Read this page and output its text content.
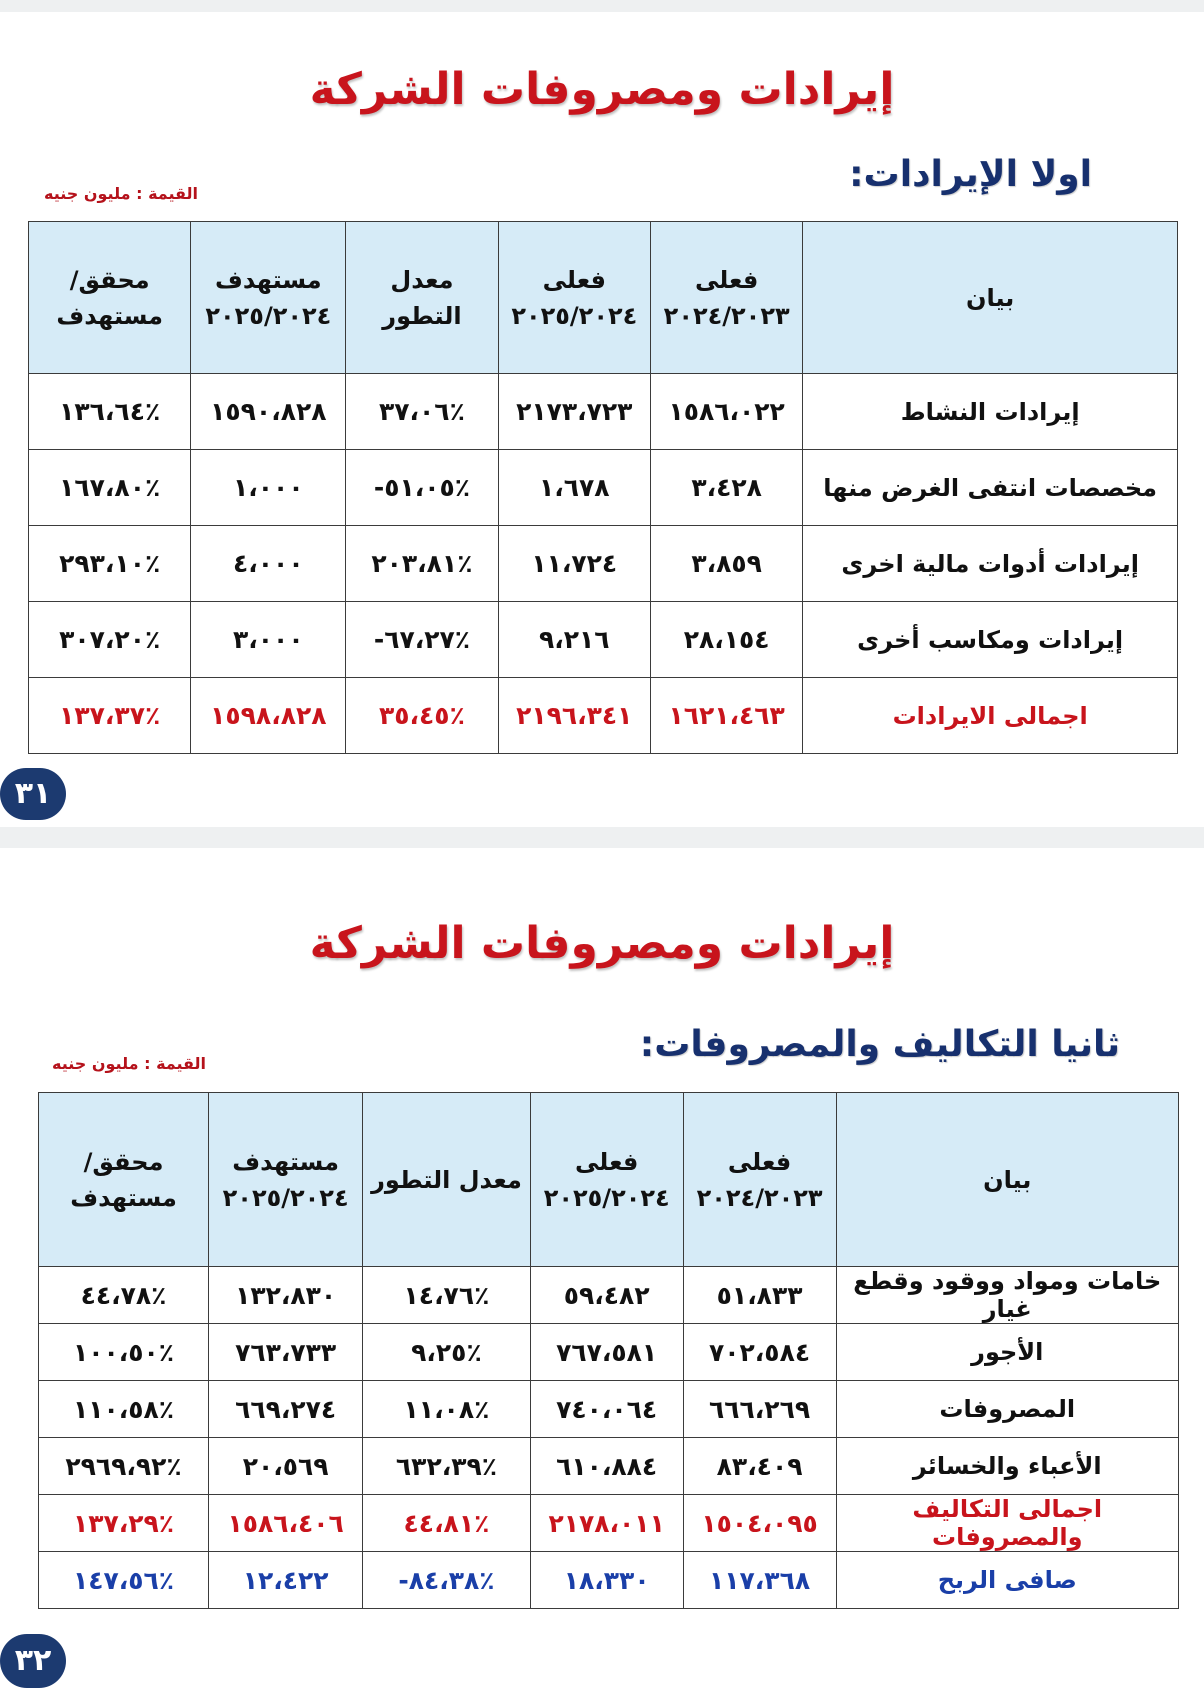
إيرادات ومصروفات الشركة
اولا الإيرادات:
القيمة : مليون جنيه
بيان	فعلى ٢٠٢٤/٢٠٢٣	فعلى ٢٠٢٥/٢٠٢٤	معدل التطور	مستهدف ٢٠٢٥/٢٠٢٤	محقق/ مستهدف
إيرادات النشاط	١٥٨٦،٠٢٢	٢١٧٣،٧٢٣	٪٣٧،٠٦	١٥٩٠،٨٢٨	٪١٣٦،٦٤
مخصصات انتفى الغرض منها	٣،٤٢٨	١،٦٧٨	٪٥١،٠٥-	١،٠٠٠	٪١٦٧،٨٠
إيرادات أدوات مالية اخرى	٣،٨٥٩	١١،٧٢٤	٪٢٠٣،٨١	٤،٠٠٠	٪٢٩٣،١٠
إيرادات ومكاسب أخرى	٢٨،١٥٤	٩،٢١٦	٪٦٧،٢٧-	٣،٠٠٠	٪٣٠٧،٢٠
اجمالى الايرادات	١٦٢١،٤٦٣	٢١٩٦،٣٤١	٪٣٥،٤٥	١٥٩٨،٨٢٨	٪١٣٧،٣٧
٣١
إيرادات ومصروفات الشركة
ثانيا التكاليف والمصروفات:
القيمة : مليون جنيه
بيان	فعلى ٢٠٢٤/٢٠٢٣	فعلى ٢٠٢٥/٢٠٢٤	معدل التطور	مستهدف ٢٠٢٥/٢٠٢٤	محقق/ مستهدف
خامات ومواد ووقود وقطع غيار	٥١،٨٣٣	٥٩،٤٨٢	٪١٤،٧٦	١٣٢،٨٣٠	٪٤٤،٧٨
الأجور	٧٠٢،٥٨٤	٧٦٧،٥٨١	٪٩،٢٥	٧٦٣،٧٣٣	٪١٠٠،٥٠
المصروفات	٦٦٦،٢٦٩	٧٤٠،٠٦٤	٪١١،٠٨	٦٦٩،٢٧٤	٪١١٠،٥٨
الأعباء والخسائر	٨٣،٤٠٩	٦١٠،٨٨٤	٪٦٣٢،٣٩	٢٠،٥٦٩	٪٢٩٦٩،٩٢
اجمالى التكاليف والمصروفات	١٥٠٤،٠٩٥	٢١٧٨،٠١١	٪٤٤،٨١	١٥٨٦،٤٠٦	٪١٣٧،٢٩
صافى الربح	١١٧،٣٦٨	١٨،٣٣٠	٪٨٤،٣٨-	١٢،٤٢٢	٪١٤٧،٥٦
٣٢
